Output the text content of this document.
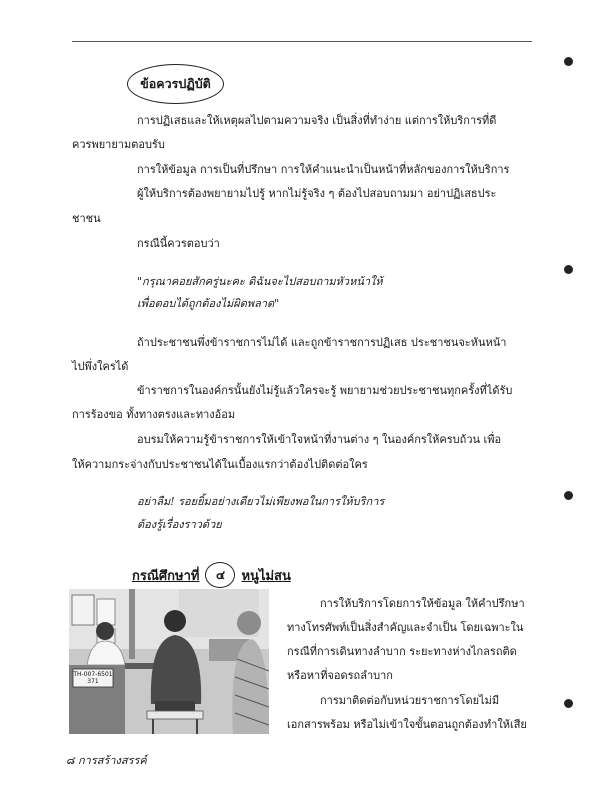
ข้อควรปฏิบัติ
การปฏิเสธและให้เหตุผลไปตามความจริง เป็นสิ่งที่ทำง่าย แต่การให้บริการที่ดี
ควรพยายามตอบรับ
การให้ข้อมูล การเป็นที่ปรึกษา การให้คำแนะนำเป็นหน้าที่หลักของการให้บริการ
ผู้ให้บริการต้องพยายามไปรู้ หากไม่รู้จริง ๆ ต้องไปสอบถามมา อย่าปฏิเสธประ
ชาชน
กรณีนี้ควรตอบว่า
"กรุณาคอยสักครู่นะคะ ดิฉันจะไปสอบถามหัวหน้าให้
เพื่อตอบได้ถูกต้องไม่ผิดพลาด"
ถ้าประชาชนพึ่งข้าราชการไม่ได้ และถูกข้าราชการปฏิเสธ ประชาชนจะหันหน้า
ไปพึ่งใครได้
ข้าราชการในองค์กรนั้นยังไม่รู้แล้วใครจะรู้ พยายามช่วยประชาชนทุกครั้งที่ได้รับ
การร้องขอ ทั้งทางตรงและทางอ้อม
อบรมให้ความรู้ข้าราชการให้เข้าใจหน้าที่งานต่าง ๆ ในองค์กรให้ครบถ้วน เพื่อ
ให้ความกระจ่างกับประชาชนได้ในเบื้องแรกว่าต้องไปติดต่อใคร
อย่าลืม! รอยยิ้มอย่างเดียวไม่เพียงพอในการให้บริการ
ต้องรู้เรื่องราวด้วย
กรณีศึกษาที่	๔	หนูไม่สน
TH-007-6501
371
การให้บริการโดยการให้ข้อมูล ให้คำปรึกษา
ทางโทรศัพท์เป็นสิ่งสำคัญและจำเป็น โดยเฉพาะใน
กรณีที่การเดินทางลำบาก ระยะทางห่างไกลรถติด
หรือหาที่จอดรถลำบาก
การมาติดต่อกับหน่วยราชการโดยไม่มี
เอกสารพร้อม หรือไม่เข้าใจขั้นตอนถูกต้องทำให้เสีย
๘ การสร้างสรรค์
